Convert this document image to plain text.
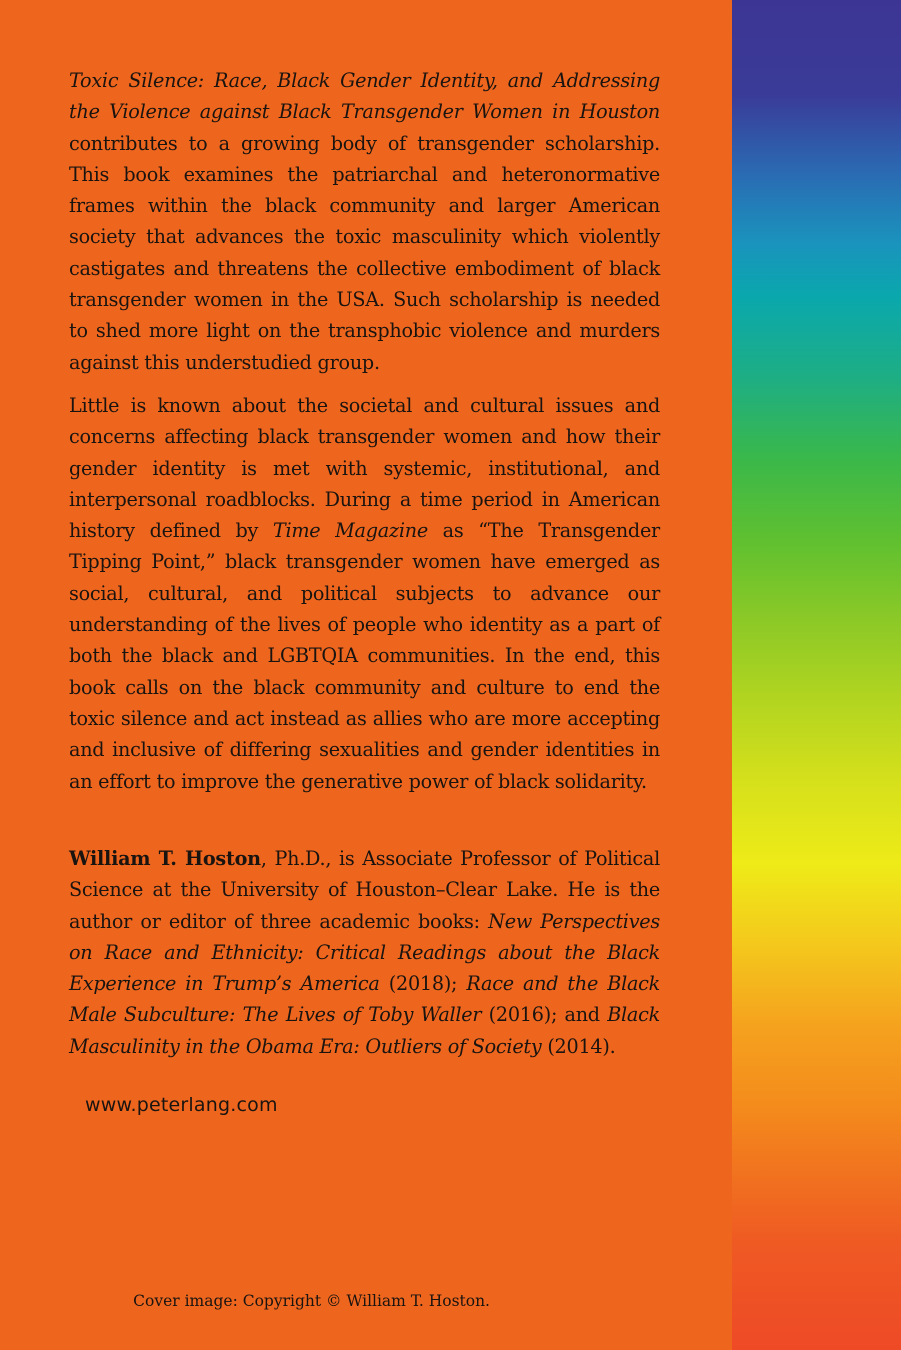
Toxic Silence: Race, Black Gender Identity, and Addressing the Violence against Black Transgender Women in Houston contributes to a growing body of transgender scholarship. This book examines the patriarchal and heteronormative frames within the black community and larger American society that advances the toxic masculinity which violently castigates and threatens the collective embodiment of black transgender women in the USA. Such scholarship is needed to shed more light on the transphobic violence and murders against this understudied group.

Little is known about the societal and cultural issues and concerns affecting black transgender women and how their gender identity is met with systemic, institutional, and interpersonal roadblocks. During a time period in American history defined by Time Magazine as “The Transgender Tipping Point,” black transgender women have emerged as social, cultural, and political subjects to advance our understanding of the lives of people who identity as a part of both the black and LGBTQIA communities. In the end, this book calls on the black community and culture to end the toxic silence and act instead as allies who are more accepting and inclusive of differing sexualities and gender identities in an effort to improve the generative power of black solidarity.

William T. Hoston, Ph.D., is Associate Professor of Political Science at the University of Houston–Clear Lake. He is the author or editor of three academic books: New Perspectives on Race and Ethnicity: Critical Readings about the Black Experience in Trump’s America (2018); Race and the Black Male Subculture: The Lives of Toby Waller (2016); and Black Masculinity in the Obama Era: Outliers of Society (2014).

www.peterlang.com
Cover image: Copyright © William T. Hoston.
